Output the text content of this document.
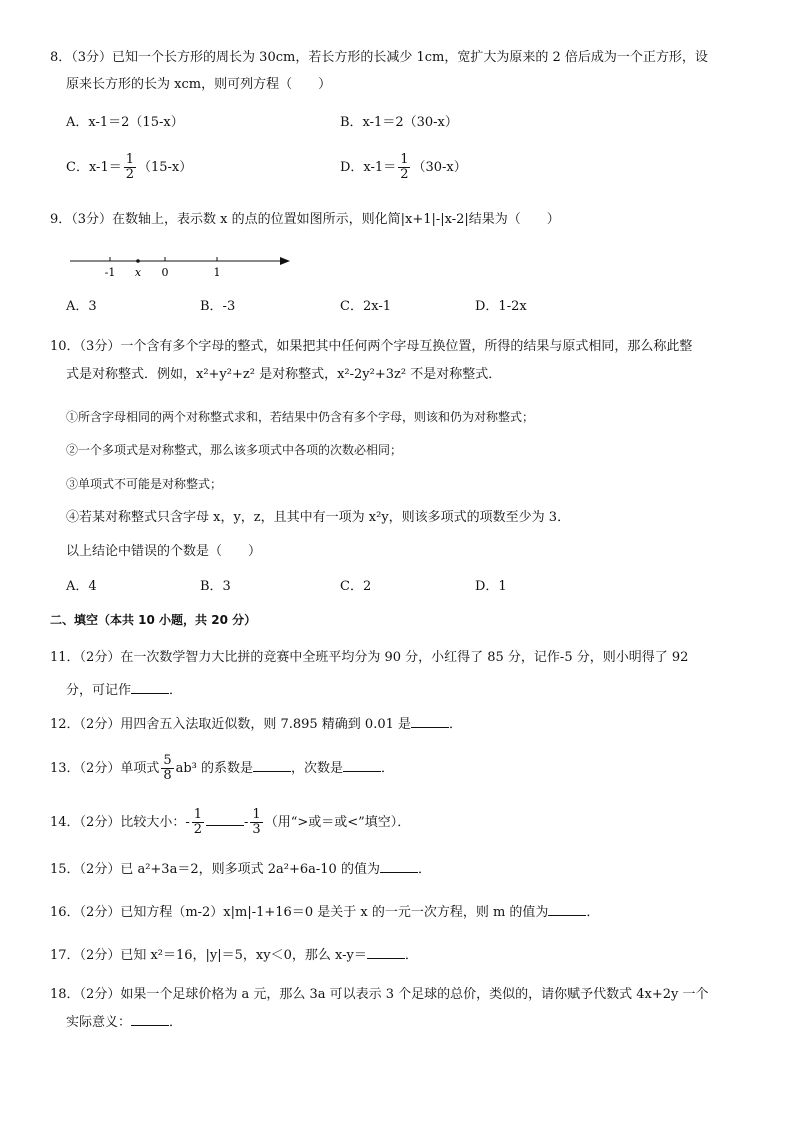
8．（3分）已知一个长方形的周长为 30cm，若长方形的长减少 1cm，宽扩大为原来的 2 倍后成为一个正方形，设
原来长方形的长为 xcm，则可列方程（　　）
A．x-1＝2（15-x）	B．x-1＝2（30-x）
C．$x-1= \frac{1}{2} (15-x)$	D．$x-1= \frac{1}{2} (30-x)$
9．（3分）在数轴上，表示数 x 的点的位置如图所示，则化简|x+1|-|x-2|结果为（　　）
-1 x 0	1
A．3	B．-3	C．2x-1	D．1-2x
10．（3分）一个含有多个字母的整式，如果把其中任何两个字母互换位置，所得的结果与原式相同，那么称此整
式是对称整式．例如，x²+y²+z² 是对称整式，x²-2y²+3z² 不是对称整式．
①所含字母相同的两个对称整式求和，若结果中仍含有多个字母，则该和仍为对称整式；
②一个多项式是对称整式，那么该多项式中各项的次数必相同；
③单项式不可能是对称整式；
④若某对称整式只含字母 x，y，z，且其中有一项为 x²y，则该多项式的项数至少为 3．
以上结论中错误的个数是（　　）
A．4	B．3	C．2	D．1
二、填空（本共 10 小题，共 20 分）
11．（2分）在一次数学智力大比拼的竞赛中全班平均分为 90 分，小红得了 85 分，记作-5 分，则小明得了 92
分，可记作	．
12．（2分）用四舍五入法取近似数，则 7.895 精确到 0.01 是	．
13．（2分）单项式 $\frac{5}{8} ab^3$ 的系数是	，次数是	．
14．（2分）比较大小：- $\frac{1}{2}$	- $\frac{1}{3}$ （用“>或＝或<”填空）．
15．（2分）已 a²+3a＝2，则多项式 2a²+6a-10 的值为	．
16．（2分）已知方程（m-2）x|m|-1+16＝0 是关于 x 的一元一次方程，则 m 的值为	．
17．（2分）已知 x²＝16，|y|＝5，xy＜0，那么 x-y＝	．
18．（2分）如果一个足球价格为 a 元，那么 3a 可以表示 3 个足球的总价，类似的，请你赋予代数式 4x+2y 一个
实际意义：	．
